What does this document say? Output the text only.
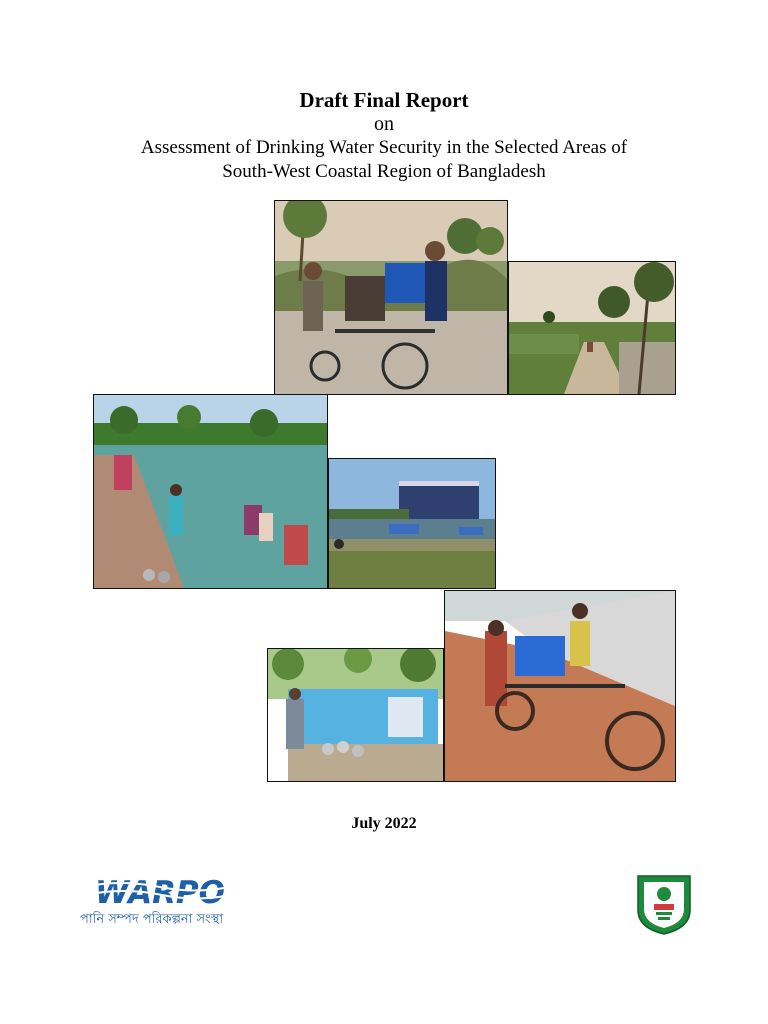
Draft Final Report
on
Assessment of Drinking Water Security in the Selected Areas of
South-West Coastal Region of Bangladesh
July 2022
WARPO
পানি সম্পদ পরিকল্পনা সংস্থা
